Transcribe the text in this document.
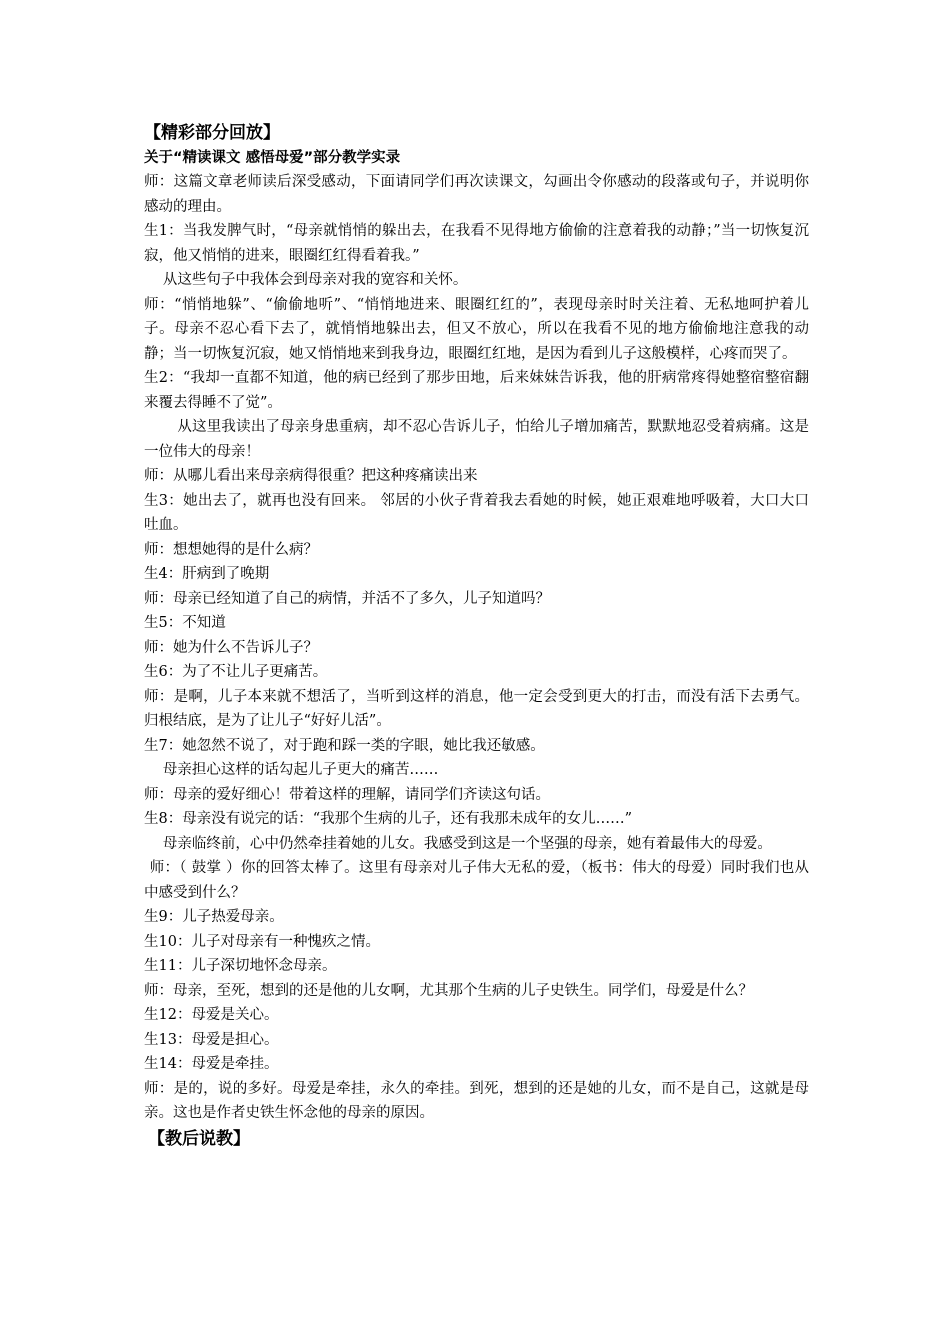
【精彩部分回放】
关于“精读课文 感悟母爱”部分教学实录

师：这篇文章老师读后深受感动，下面请同学们再次读课文，勾画出令你感动的段落或句子，并说明你感动的理由。

生1：当我发脾气时，“母亲就悄悄的躲出去，在我看不见得地方偷偷的注意着我的动静；”当一切恢复沉寂，他又悄悄的进来，眼圈红红得看着我。”

从这些句子中我体会到母亲对我的宽容和关怀。

师：“悄悄地躲”、“偷偷地听”、“悄悄地进来、眼圈红红的”，表现母亲时时关注着、无私地呵护着儿子。母亲不忍心看下去了，就悄悄地躲出去，但又不放心，所以在我看不见的地方偷偷地注意我的动静；当一切恢复沉寂，她又悄悄地来到我身边，眼圈红红地，是因为看到儿子这般模样，心疼而哭了。

生2：“我却一直都不知道，他的病已经到了那步田地，后来妹妹告诉我，他的肝病常疼得她整宿整宿翻来覆去得睡不了觉”。

从这里我读出了母亲身患重病，却不忍心告诉儿子，怕给儿子增加痛苦，默默地忍受着病痛。这是一位伟大的母亲！

师：从哪儿看出来母亲病得很重？把这种疼痛读出来

生3：她出去了，就再也没有回来。 邻居的小伙子背着我去看她的时候，她正艰难地呼吸着，大口大口吐血。

师：想想她得的是什么病？

生4：肝病到了晚期

师：母亲已经知道了自己的病情，并活不了多久，儿子知道吗？

生5：不知道

师：她为什么不告诉儿子？

生6：为了不让儿子更痛苦。

师：是啊，儿子本来就不想活了，当听到这样的消息，他一定会受到更大的打击，而没有活下去勇气。归根结底，是为了让儿子“好好儿活”。

生7：她忽然不说了，对于跑和踩一类的字眼，她比我还敏感。

母亲担心这样的话勾起儿子更大的痛苦……

师：母亲的爱好细心！带着这样的理解，请同学们齐读这句话。

生8：母亲没有说完的话：“我那个生病的儿子，还有我那未成年的女儿……”

母亲临终前，心中仍然牵挂着她的儿女。我感受到这是一个坚强的母亲，她有着最伟大的母爱。

师：（ 鼓掌 ）你的回答太棒了。这里有母亲对儿子伟大无私的爱，（板书：伟大的母爱）同时我们也从中感受到什么？

生9：儿子热爱母亲。

生10：儿子对母亲有一种愧疚之情。

生11：儿子深切地怀念母亲。

师：母亲，至死，想到的还是他的儿女啊，尤其那个生病的儿子史铁生。同学们，母爱是什么？

生12：母爱是关心。

生13：母爱是担心。

生14：母爱是牵挂。

师：是的，说的多好。母爱是牵挂，永久的牵挂。到死，想到的还是她的儿女，而不是自己，这就是母亲。这也是作者史铁生怀念他的母亲的原因。

【教后说教】
